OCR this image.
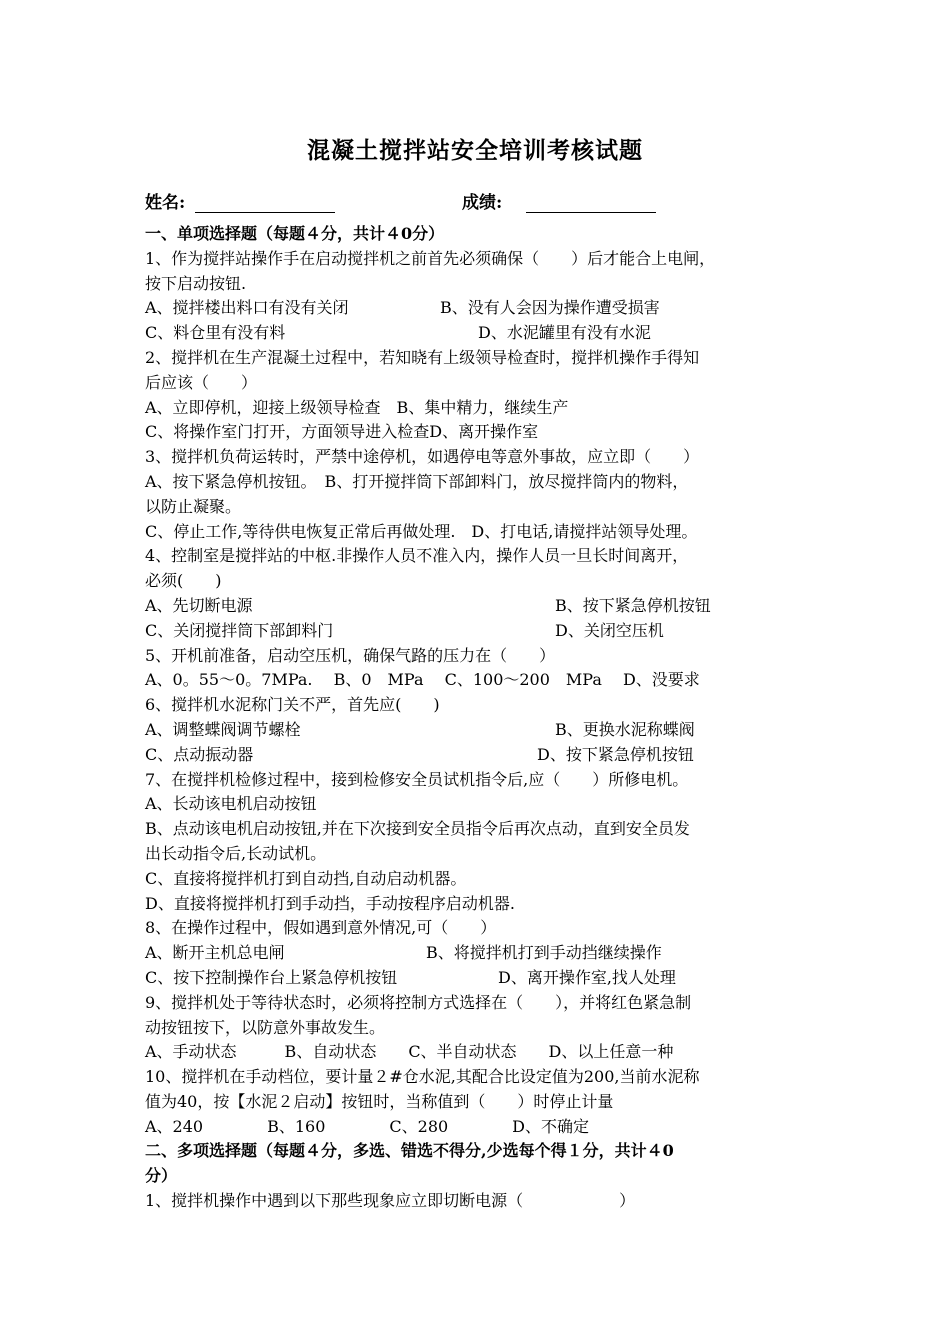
混凝土搅拌站安全培训考核试题
姓名:	成绩:
一、单项选择题（每题４分，共计４0分）
1、作为搅拌站操作手在启动搅拌机之前首先必须确保（　　）后才能合上电闸，
按下启动按钮.

A、搅拌楼出料口有没有关闭

	B、没有人会因为操作遭受损害

C、料仓里有没有料

	D、水泥罐里有没有水泥

2、搅拌机在生产混凝土过程中，若知晓有上级领导检查时，搅拌机操作手得知
后应该（　　）
A、立即停机，迎接上级领导检查　B、集中精力，继续生产
C、将操作室门打开，方面领导进入检查D、离开操作室
3、搅拌机负荷运转时，严禁中途停机，如遇停电等意外事故，应立即（　　）
A、按下紧急停机按钮。　B、打开搅拌筒下部卸料门，放尽搅拌筒内的物料，
以防止凝聚。
C、停止工作,等待供电恢复正常后再做处理.　D、打电话,请搅拌站领导处理。
4、控制室是搅拌站的中枢.非操作人员不准入内，操作人员一旦长时间离开，
必须(　　)

A、先切断电源

	B、按下紧急停机按钮

C、关闭搅拌筒下部卸料门

	D、关闭空压机

5、开机前准备，启动空压机，确保气路的压力在（　　）
A、0。55～0。7MPa.　 B、0　MPa　 C、100～200　MPa　 D、没要求
6、搅拌机水泥称门关不严，首先应(　　)

A、调整蝶阀调节螺栓

	B、更换水泥称蝶阀

C、点动振动器

	D、按下紧急停机按钮

7、在搅拌机检修过程中，接到检修安全员试机指令后,应（　　）所修电机。
A、长动该电机启动按钮
B、点动该电机启动按钮,并在下次接到安全员指令后再次点动，直到安全员发
出长动指令后,长动试机。
C、直接将搅拌机打到自动挡,自动启动机器。
D、直接将搅拌机打到手动挡，手动按程序启动机器.
8、在操作过程中，假如遇到意外情况,可（　　）

A、断开主机总电闸

	B、将搅拌机打到手动挡继续操作

C、按下控制操作台上紧急停机按钮

	D、离开操作室,找人处理

9、搅拌机处于等待状态时，必须将控制方式选择在（　　），并将红色紧急制
动按钮按下，以防意外事故发生。
A、手动状态　　　B、自动状态　　C、半自动状态　　D、以上任意一种
10、搅拌机在手动档位，要计量２#仓水泥,其配合比设定值为200,当前水泥称
值为40，按【水泥２启动】按钮时，当称值到（　　）时停止计量
A、240　　　　B、160　　　　C、280　　　　D、不确定
二、多项选择题（每题４分，多选、错选不得分,少选每个得１分，共计４0
分）
1、搅拌机操作中遇到以下那些现象应立即切断电源（　　　　　　）
